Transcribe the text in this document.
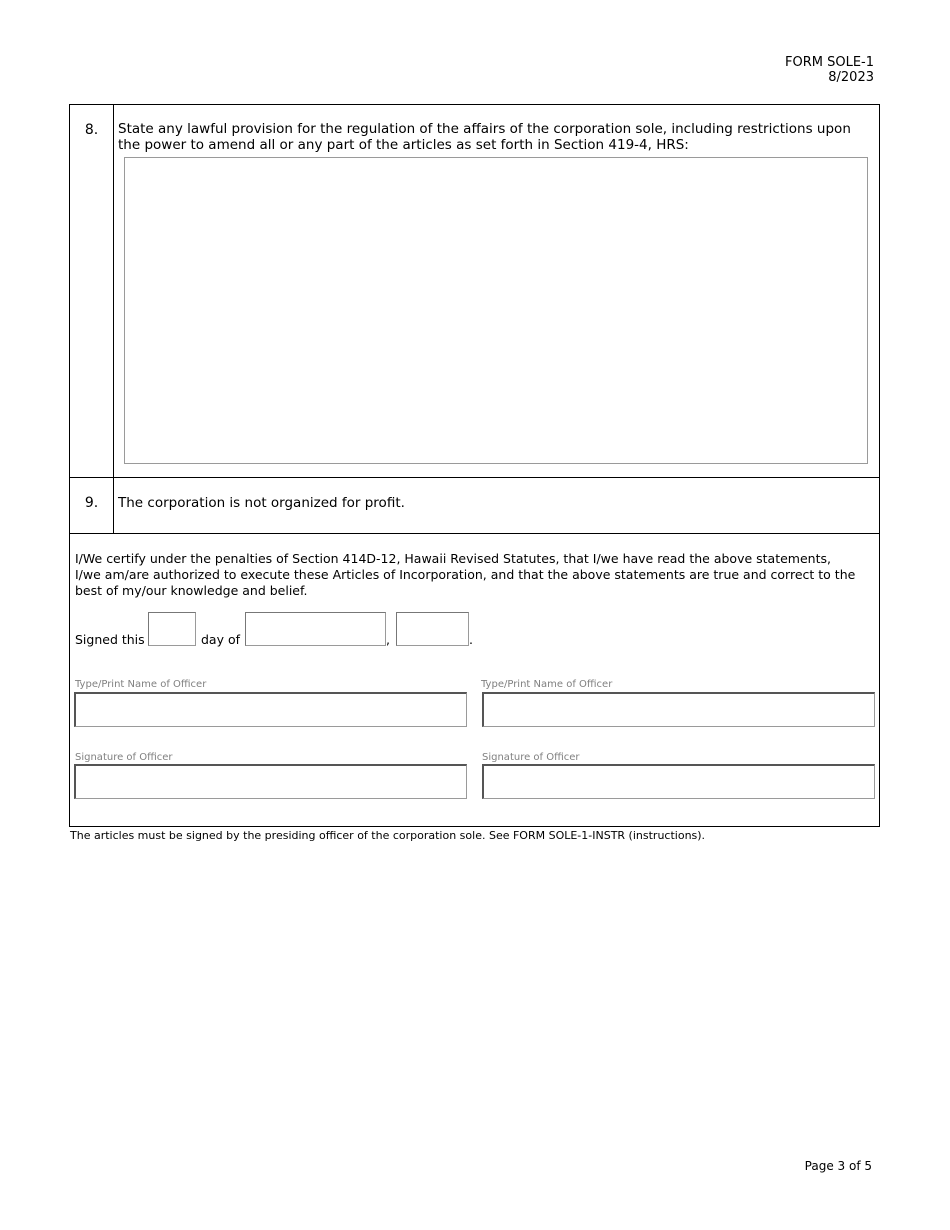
FORM SOLE-1
8/2023
8.	State any lawful provision for the regulation of the affairs of the corporation sole, including restrictions upon the power to amend all or any part of the articles as set forth in Section 419-4, HRS:
9.	The corporation is not organized for profit.
I/We certify under the penalties of Section 414D-12, Hawaii Revised Statutes, that I/we have read the above statements, I/we am/are authorized to execute these Articles of Incorporation, and that the above statements are true and correct to the best of my/our knowledge and belief.
Signed this	day of	,	.
Type/Print Name of Officer	Type/Print Name of Officer
Signature of Officer	Signature of Officer
The articles must be signed by the presiding officer of the corporation sole. See FORM SOLE-1-INSTR (instructions).
Page 3 of 5
